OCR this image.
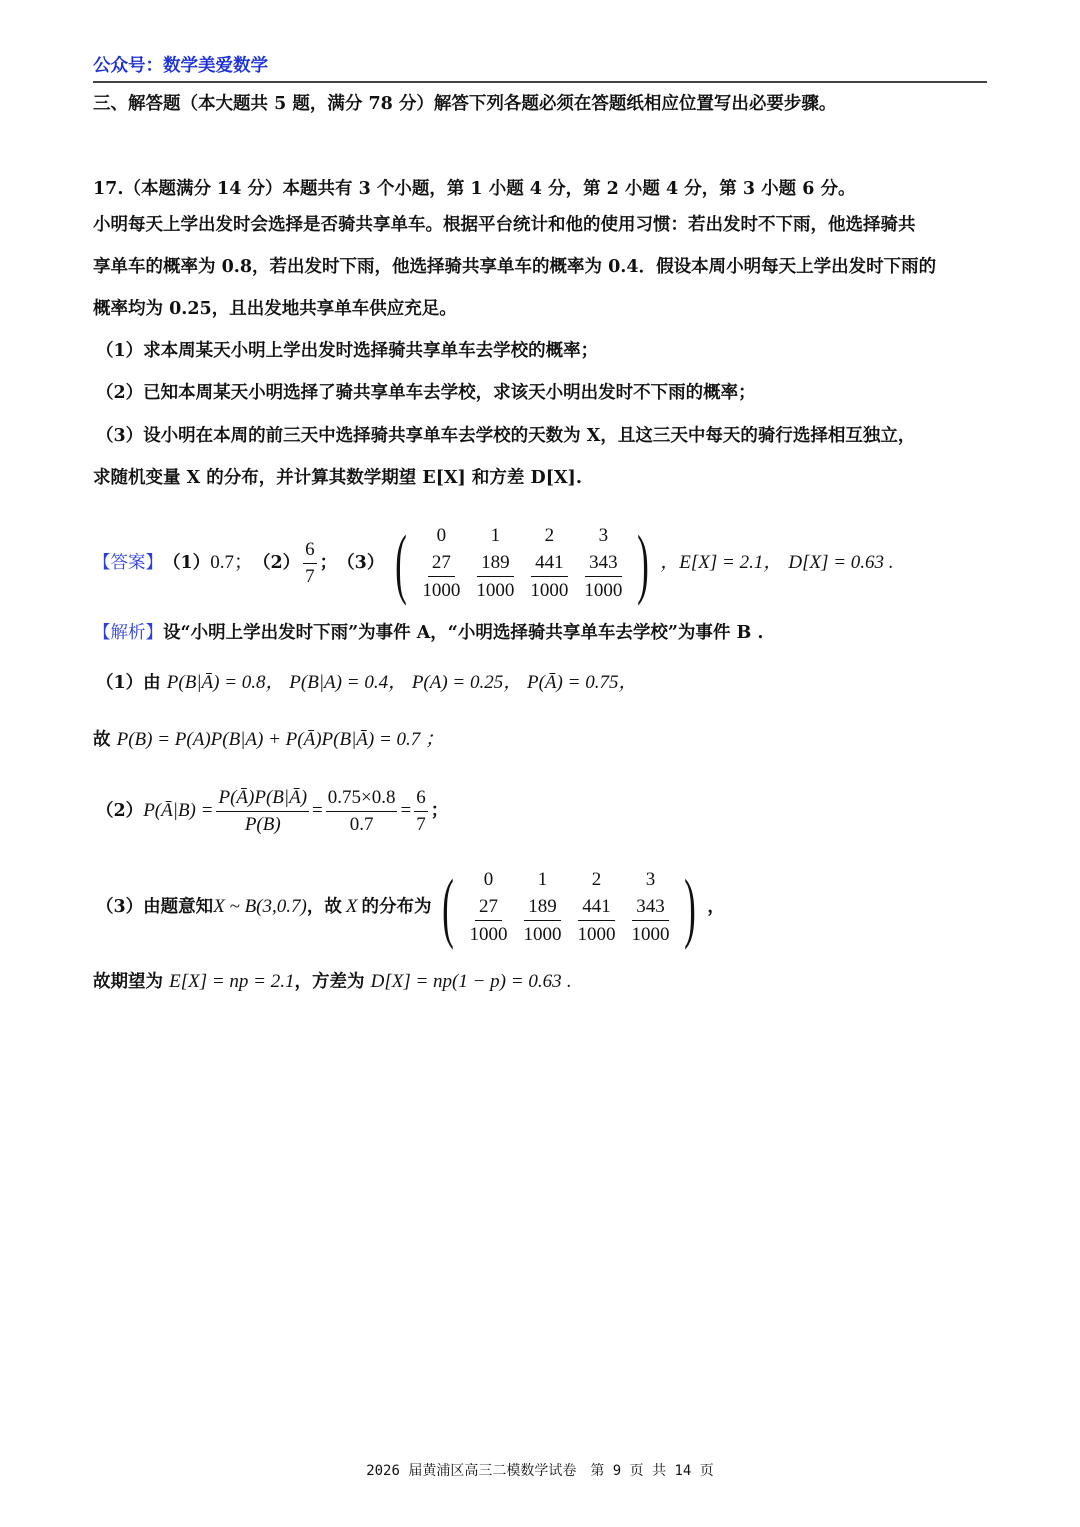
公众号：数学美爱数学
三、解答题（本大题共 5 题，满分 78 分）解答下列各题必须在答题纸相应位置写出必要步骤。
17.（本题满分 14 分）本题共有 3 个小题，第 1 小题 4 分，第 2 小题 4 分，第 3 小题 6 分。
小明每天上学出发时会选择是否骑共享单车。根据平台统计和他的使用习惯：若出发时不下雨，他选择骑共
享单车的概率为 0.8，若出发时下雨，他选择骑共享单车的概率为 0.4．假设本周小明每天上学出发时下雨的
概率均为 0.25，且出发地共享单车供应充足。
（1）求本周某天小明上学出发时选择骑共享单车去学校的概率；
（2）已知本周某天小明选择了骑共享单车去学校，求该天小明出发时不下雨的概率；
（3）设小明在本周的前三天中选择骑共享单车去学校的天数为 X，且这三天中每天的骑行选择相互独立，
求随机变量 X 的分布，并计算其数学期望 E[X] 和方差 D[X].
【答案】 （1） 0.7； $(2) \frac{6}{7}$ ； （3） ( 0
27
1000
1
189
1000
2
441
1000
3
343
1000 ) ，E[X] = 2.1， D[X] = 0.63 .
【解析】设“小明上学出发时下雨”为事件 A，“小明选择骑共享单车去学校”为事件 B .
（1）由 P(B|Ā) = 0.8， P(B|A) = 0.4， P(A) = 0.25， P(Ā) = 0.75，
故 P(B) = P(A)P(B|A) + P(Ā)P(B|Ā) = 0.7 ；
（2） P(Ā|B) = $\frac{P(Ā)P(B|Ā)}{P(B)} = \frac{0.75\times 0.8}{0.7} = \frac{6}{7}$ ；
（3）由题意知 X ~ B(3,0.7) ，故 X 的分布为 ( 0
27
1000
1
189
1000
2
441
1000
3
343
1000 ) ，
故期望为 E[X] = np = 2.1，方差为 D[X] = np(1 − p) = 0.63 .
2026 届黄浦区高三二模数学试卷　第 9 页 共 14 页
